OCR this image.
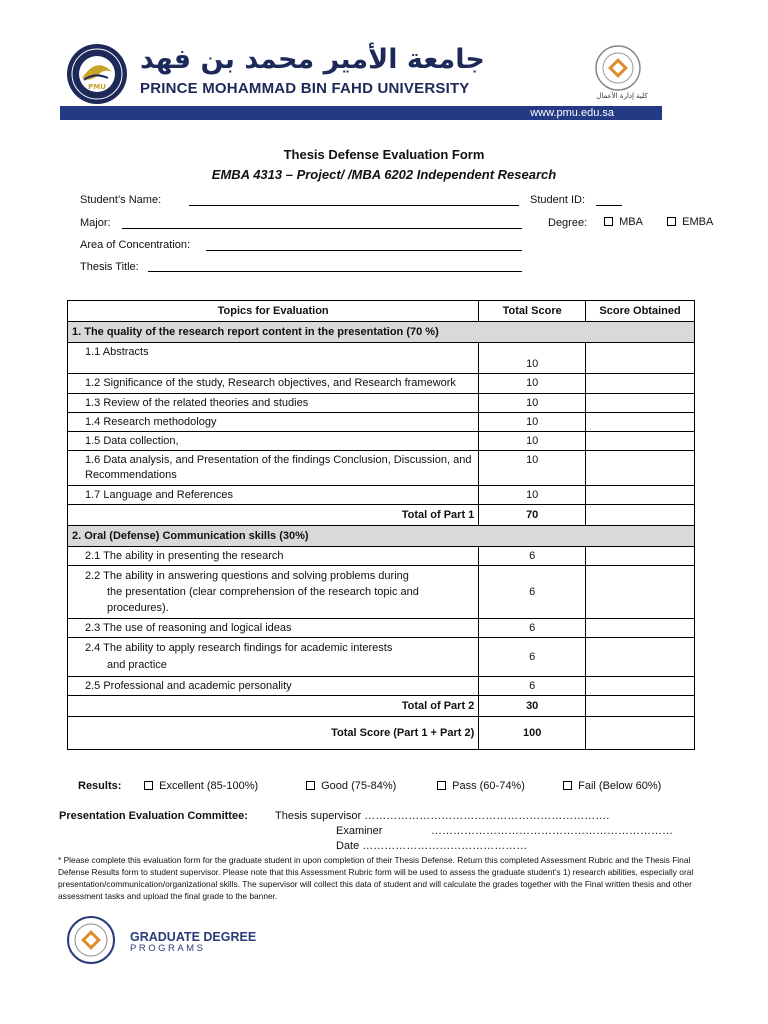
PMU
جامعة الأمير محمد بن فهد
PRINCE MOHAMMAD BIN FAHD UNIVERSITY	كلية إدارة الأعمال
www.pmu.edu.sa
Thesis Defense Evaluation Form
EMBA 4313 – Project/ /MBA 6202 Independent Research
Student’s Name:	Student ID:
Major:	Degree:	MBA	EMBA
Area of Concentration:
Thesis Title:
Topics for Evaluation	Total Score	Score Obtained
1. The quality of the research report content in the presentation (70 %)		
1.1 Abstracts	10	
1.2 Significance of the study, Research objectives, and Research framework	10	
1.3 Review of the related theories and studies	10	
1.4 Research methodology	10	
1.5 Data collection,	10	
1.6 Data analysis, and Presentation of the findings Conclusion, Discussion, and Recommendations	10	
1.7 Language and References	10	
Total of Part 1	70	
2. Oral (Defense) Communication skills (30%)		
2.1 The ability in presenting the research	6	
2.2 The ability in answering questions and solving problems during
the presentation (clear comprehension of the research topic and procedures).	6	
2.3 The use of reasoning and logical ideas	6	
2.4 The ability to apply research findings for academic interests
and practice	6	
2.5 Professional and academic personality	6	
Total of Part 2	30	
Total Score (Part 1 + Part 2)	100	
Results:	Excellent (85-100%)	Good (75-84%)	Pass (60-74%)	Fail (Below 60%)
Presentation Evaluation Committee: Thesis supervisor ………………………………………………………….
Examiner	…………………………………………………………
Date ………………………………………
* Please complete this evaluation form for the graduate student in upon completion of their Thesis Defense. Return this completed Assessment Rubric and the Thesis Final Defense Results form to student supervisor. Please note that this Assessment Rubric form will be used to assess the graduate student’s 1) research abilities, especially oral presentation/communication/organizational skills. The supervisor will collect this data of student and will calculate the grades together with the Final written thesis and other assessment tasks and upload the final grade to the banner.
GRADUATE DEGREE
PROGRAMS
